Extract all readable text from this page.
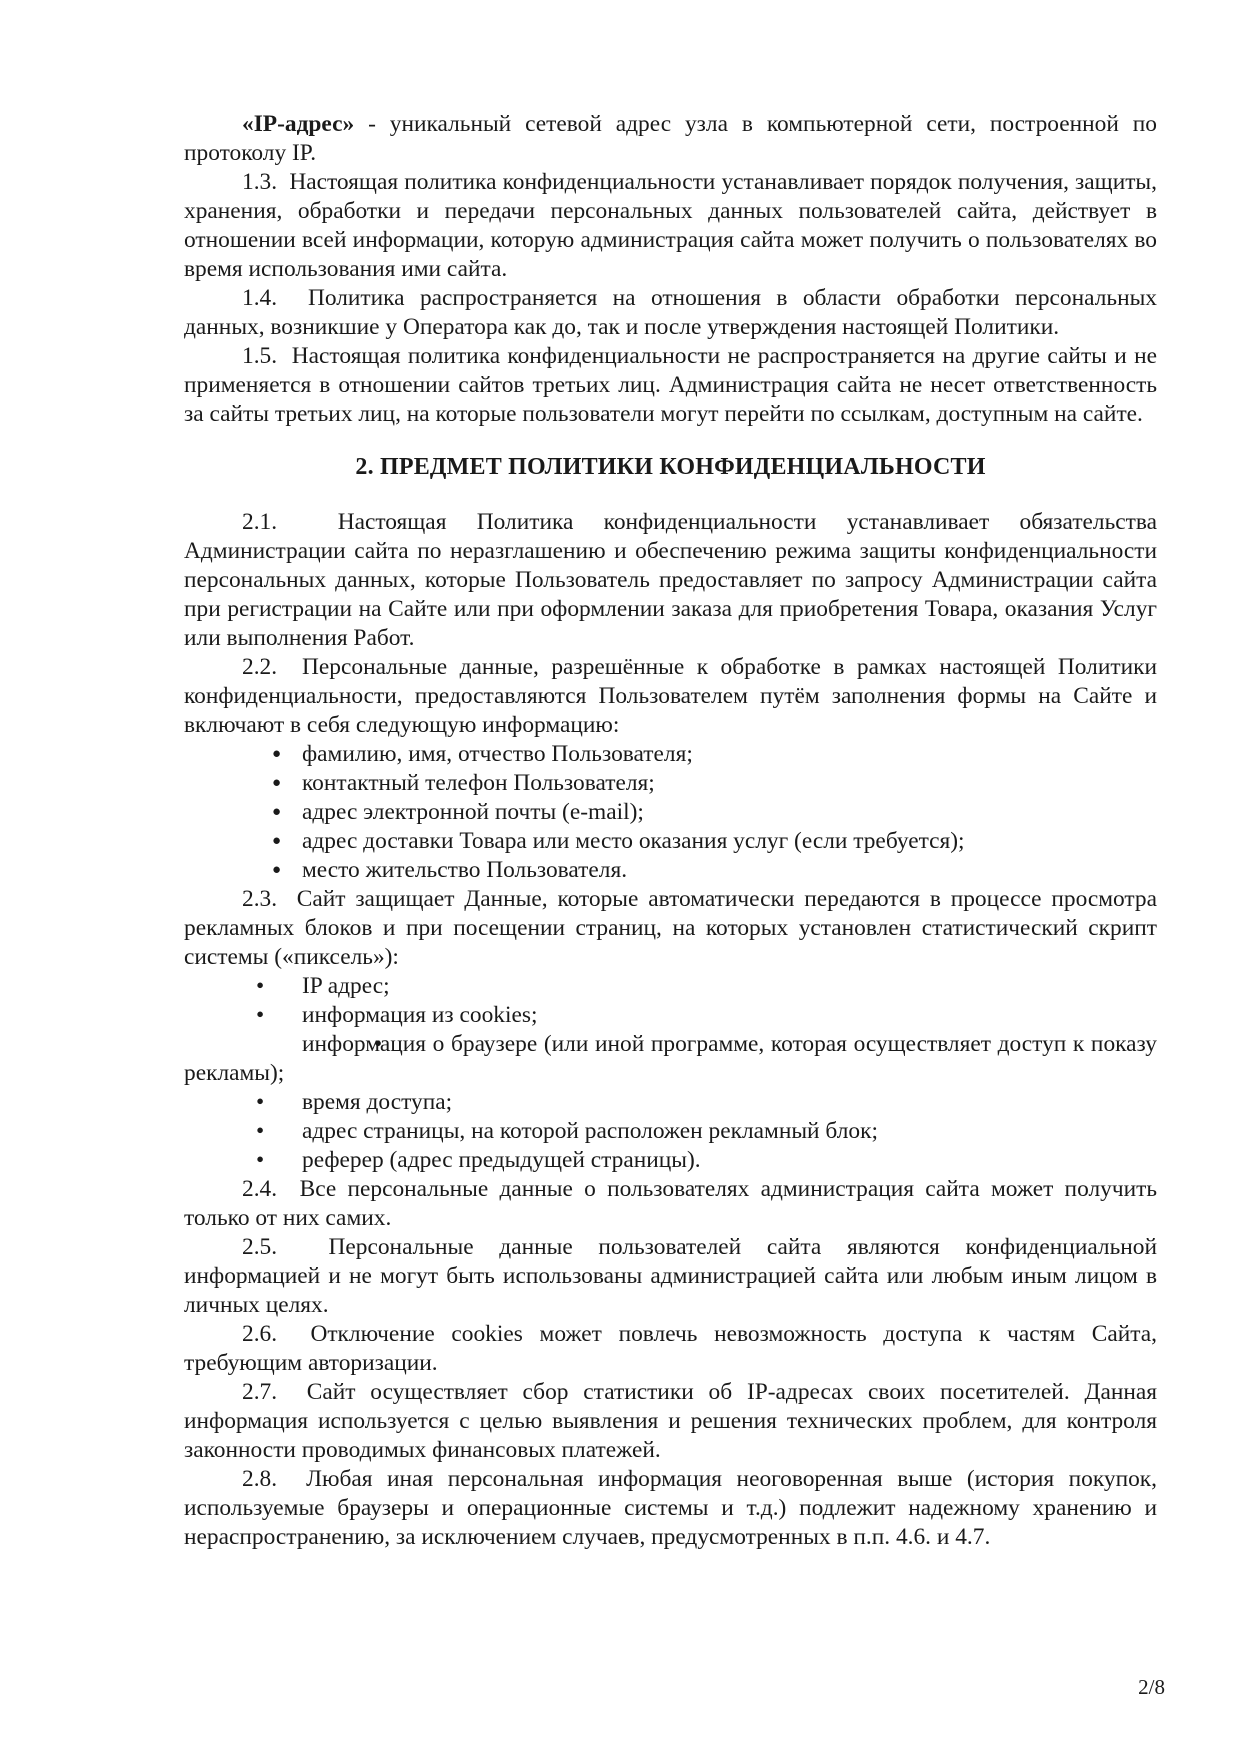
«IP-адрес» - уникальный сетевой адрес узла в компьютерной сети, построенной по протоколу IP.

1.3. Настоящая политика конфиденциальности устанавливает порядок получения, защиты, хранения, обработки и передачи персональных данных пользователей сайта, действует в отношении всей информации, которую администрация сайта может получить о пользователях во время использования ими сайта.

1.4. Политика распространяется на отношения в области обработки персональных данных, возникшие у Оператора как до, так и после утверждения настоящей Политики.

1.5. Настоящая политика конфиденциальности не распространяется на другие сайты и не применяется в отношении сайтов третьих лиц. Администрация сайта не несет ответственность за сайты третьих лиц, на которые пользователи могут перейти по ссылкам, доступным на сайте.

2. ПРЕДМЕТ ПОЛИТИКИ КОНФИДЕНЦИАЛЬНОСТИ

2.1.	Настоящая Политика конфиденциальности устанавливает обязательства Администрации сайта по неразглашению и обеспечению режима защиты конфиденциальности персональных данных, которые Пользователь предоставляет по запросу Администрации сайта при регистрации на Сайте или при оформлении заказа для приобретения Товара, оказания Услуг или выполнения Работ.

2.2. Персональные данные, разрешённые к обработке в рамках настоящей Политики конфиденциальности, предоставляются Пользователем путём заполнения формы на Сайте и включают в себя следующую информацию:

● фамилию, имя, отчество Пользователя;
● контактный телефон Пользователя;
● адрес электронной почты (e-mail);
● адрес доставки Товара или место оказания услуг (если требуется);
● место жительство Пользователя.

2.3. Сайт защищает Данные, которые автоматически передаются в процессе просмотра рекламных блоков и при посещении страниц, на которых установлен статистический скрипт системы («пиксель»):

• IP адрес;
• информация из cookies;
• информация о браузере (или иной программе, которая осуществляет доступ к показу рекламы);
• время доступа;
• адрес страницы, на которой расположен рекламный блок;
• реферер (адрес предыдущей страницы).

2.4. Все персональные данные о пользователях администрация сайта может получить только от них самих.

2.5. Персональные данные пользователей сайта являются конфиденциальной информацией и не могут быть использованы администрацией сайта или любым иным лицом в личных целях.

2.6. Отключение cookies может повлечь невозможность доступа к частям Сайта, требующим авторизации.

2.7. Сайт осуществляет сбор статистики об IP-адресах своих посетителей. Данная информация используется с целью выявления и решения технических проблем, для контроля законности проводимых финансовых платежей.

2.8. Любая иная персональная информация неоговоренная выше (история покупок, используемые браузеры и операционные системы и т.д.) подлежит надежному хранению и нераспространению, за исключением случаев, предусмотренных в п.п. 4.6. и 4.7.

2/8
